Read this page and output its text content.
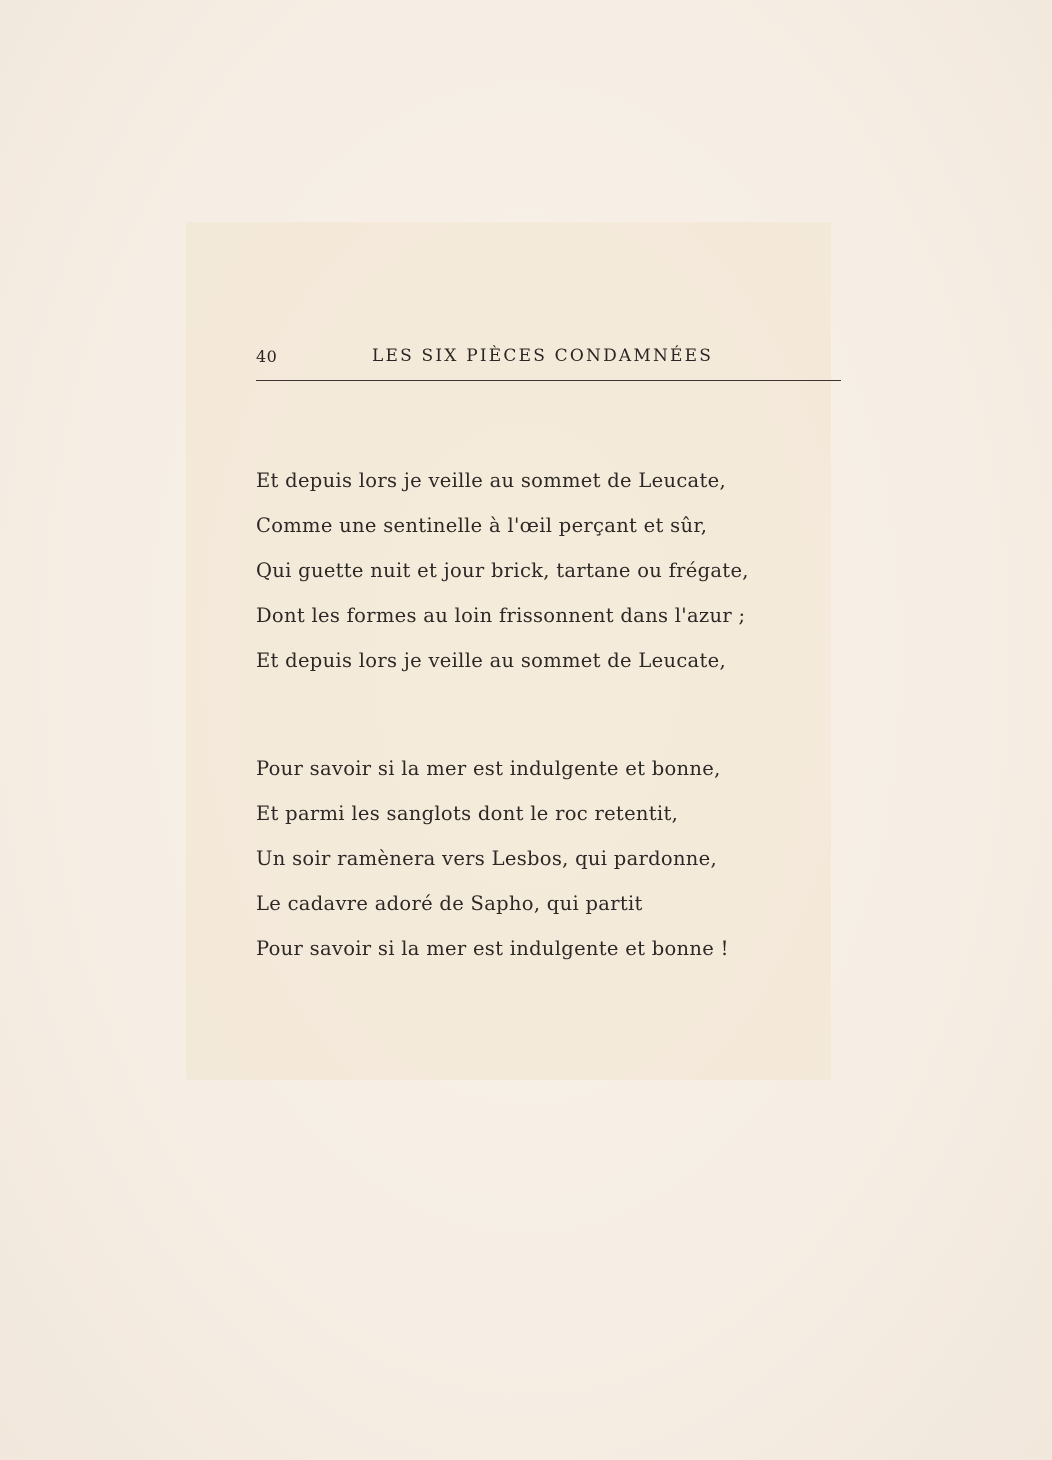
40	LES SIX PIÈCES CONDAMNÉES
Et depuis lors je veille au sommet de Leucate,
Comme une sentinelle à l'œil perçant et sûr,
Qui guette nuit et jour brick, tartane ou frégate,
Dont les formes au loin frissonnent dans l'azur ;
Et depuis lors je veille au sommet de Leucate,
Pour savoir si la mer est indulgente et bonne,
Et parmi les sanglots dont le roc retentit,
Un soir ramènera vers Lesbos, qui pardonne,
Le cadavre adoré de Sapho, qui partit
Pour savoir si la mer est indulgente et bonne !
